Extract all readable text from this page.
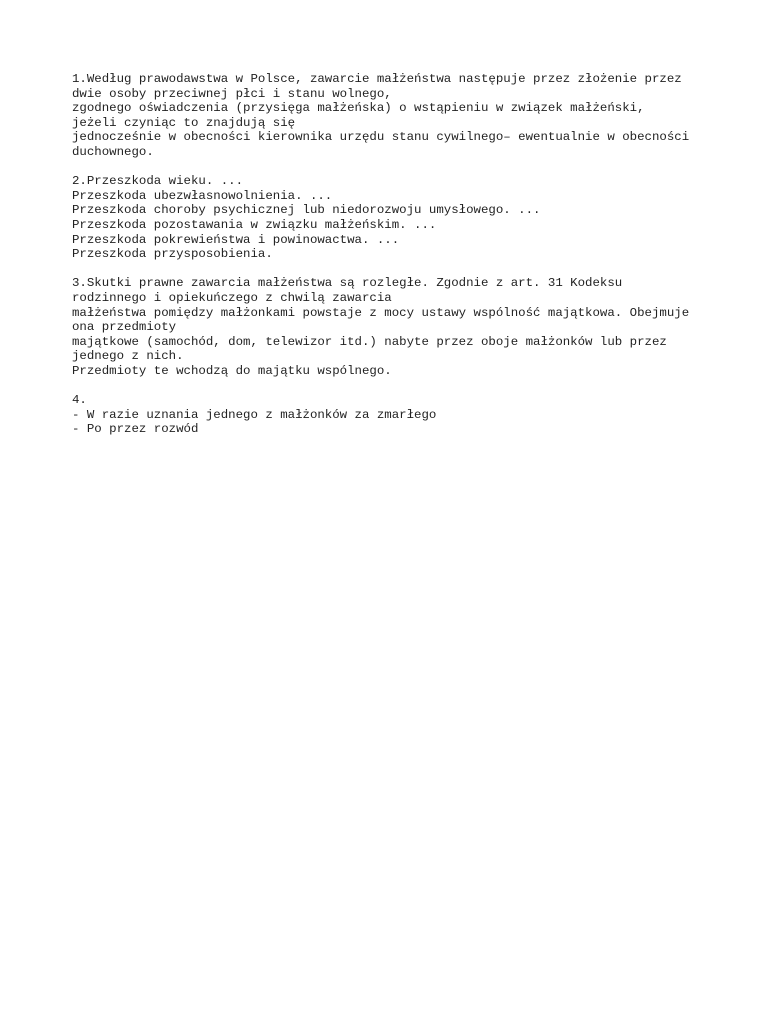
1.Według prawodawstwa w Polsce, zawarcie małżeństwa następuje przez złożenie przez
dwie osoby przeciwnej płci i stanu wolnego,
zgodnego oświadczenia (przysięga małżeńska) o wstąpieniu w związek małżeński,
jeżeli czyniąc to znajdują się
jednocześnie w obecności kierownika urzędu stanu cywilnego– ewentualnie w obecności
duchownego.
2.Przeszkoda wieku. ...
Przeszkoda ubezwłasnowolnienia. ...
Przeszkoda choroby psychicznej lub niedorozwoju umysłowego. ...
Przeszkoda pozostawania w związku małżeńskim. ...
Przeszkoda pokrewieństwa i powinowactwa. ...
Przeszkoda przysposobienia.
3.Skutki prawne zawarcia małżeństwa są rozległe. Zgodnie z art. 31 Kodeksu
rodzinnego i opiekuńczego z chwilą zawarcia
małżeństwa pomiędzy małżonkami powstaje z mocy ustawy wspólność majątkowa. Obejmuje
ona przedmioty
majątkowe (samochód, dom, telewizor itd.) nabyte przez oboje małżonków lub przez
jednego z nich.
Przedmioty te wchodzą do majątku wspólnego.
4.
- W razie uznania jednego z małżonków za zmarłego
- Po przez rozwód
